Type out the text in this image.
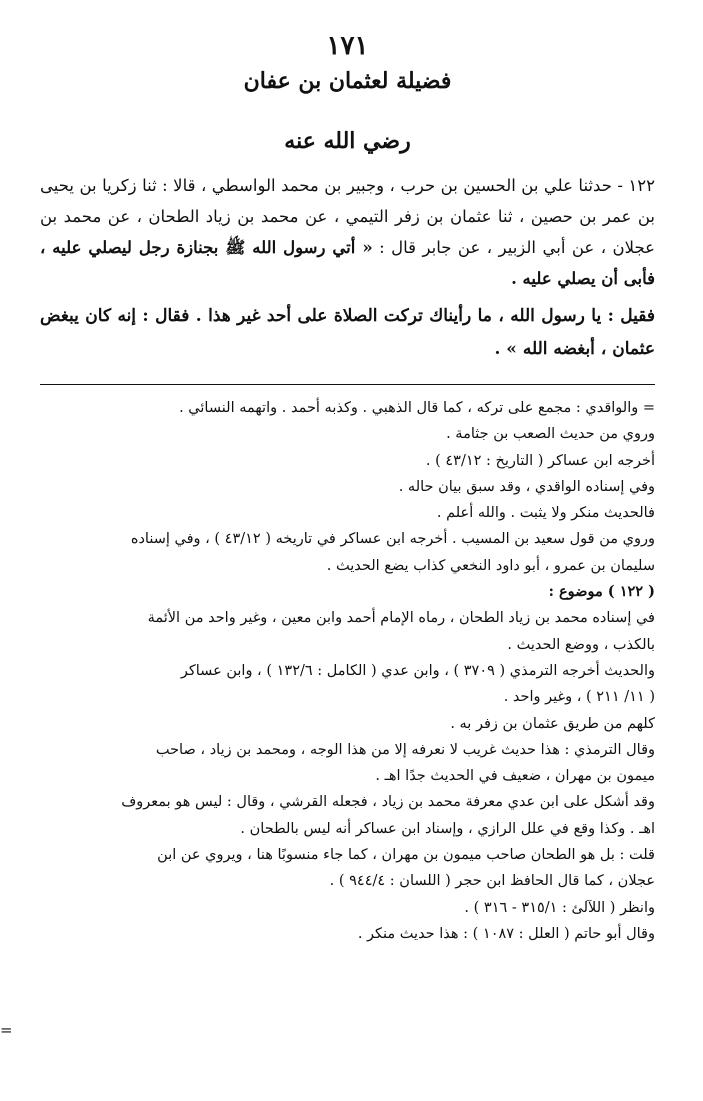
١٧١
فضيلة لعثمان بن عفان
رضي الله عنه

١٢٢ - حدثنا علي بن الحسين بن حرب ، وجبير بن محمد الواسطي ، قالا : ثنا زكريا بن يحيى بن عمر بن حصين ، ثنا عثمان بن زفر التيمي ، عن محمد بن زياد الطحان ، عن محمد بن عجلان ، عن أبي الزبير ، عن جابر قال : « أتي رسول الله ﷺ بجنازة رجل ليصلي عليه ، فأبى أن يصلي عليه .

فقيل : يا رسول الله ، ما رأيناك تركت الصلاة على أحد غير هذا . فقال : إنه كان يبغض عثمان ، أبغضه الله » .

= والواقدي : مجمع على تركه ، كما قال الذهبي . وكذبه أحمد . واتهمه النسائي .
وروي من حديث الصعب بن جثامة .
أخرجه ابن عساكر ( التاريخ : ٤٣/١٢ ) .
وفي إسناده الواقدي ، وقد سبق بيان حاله .
فالحديث منكر ولا يثبت . والله أعلم .
وروي من قول سعيد بن المسيب . أخرجه ابن عساكر في تاريخه ( ٤٣/١٢ ) ، وفي إسناده
سليمان بن عمرو ، أبو داود النخعي كذاب يضع الحديث .
( ١٢٢ ) موضوع :
في إسناده محمد بن زياد الطحان ، رماه الإمام أحمد وابن معين ، وغير واحد من الأئمة
بالكذب ، ووضع الحديث .
والحديث أخرجه الترمذي ( ٣٧٠٩ ) ، وابن عدي ( الكامل : ١٣٢/٦ ) ، وابن عساكر
( ١١/ ٢١١ ) ، وغير واحد .
كلهم من طريق عثمان بن زفر به .
وقال الترمذي : هذا حديث غريب لا نعرفه إلا من هذا الوجه ، ومحمد بن زياد ، صاحب
ميمون بن مهران ، ضعيف في الحديث جدًا اهـ .
وقد أشكل على ابن عدي معرفة محمد بن زياد ، فجعله القرشي ، وقال : ليس هو بمعروف
اهـ . وكذا وقع في علل الرازي ، وإسناد ابن عساكر أنه ليس بالطحان .
قلت : بل هو الطحان صاحب ميمون بن مهران ، كما جاء منسوبًا هنا ، ويروي عن ابن
عجلان ، كما قال الحافظ ابن حجر ( اللسان : ٩٤٤/٤ ) .
وانظر ( اللآلئ : ٣١٥/١ - ٣١٦ ) .
وقال أبو حاتم ( العلل : ١٠٨٧ ) : هذا حديث منكر .
=
